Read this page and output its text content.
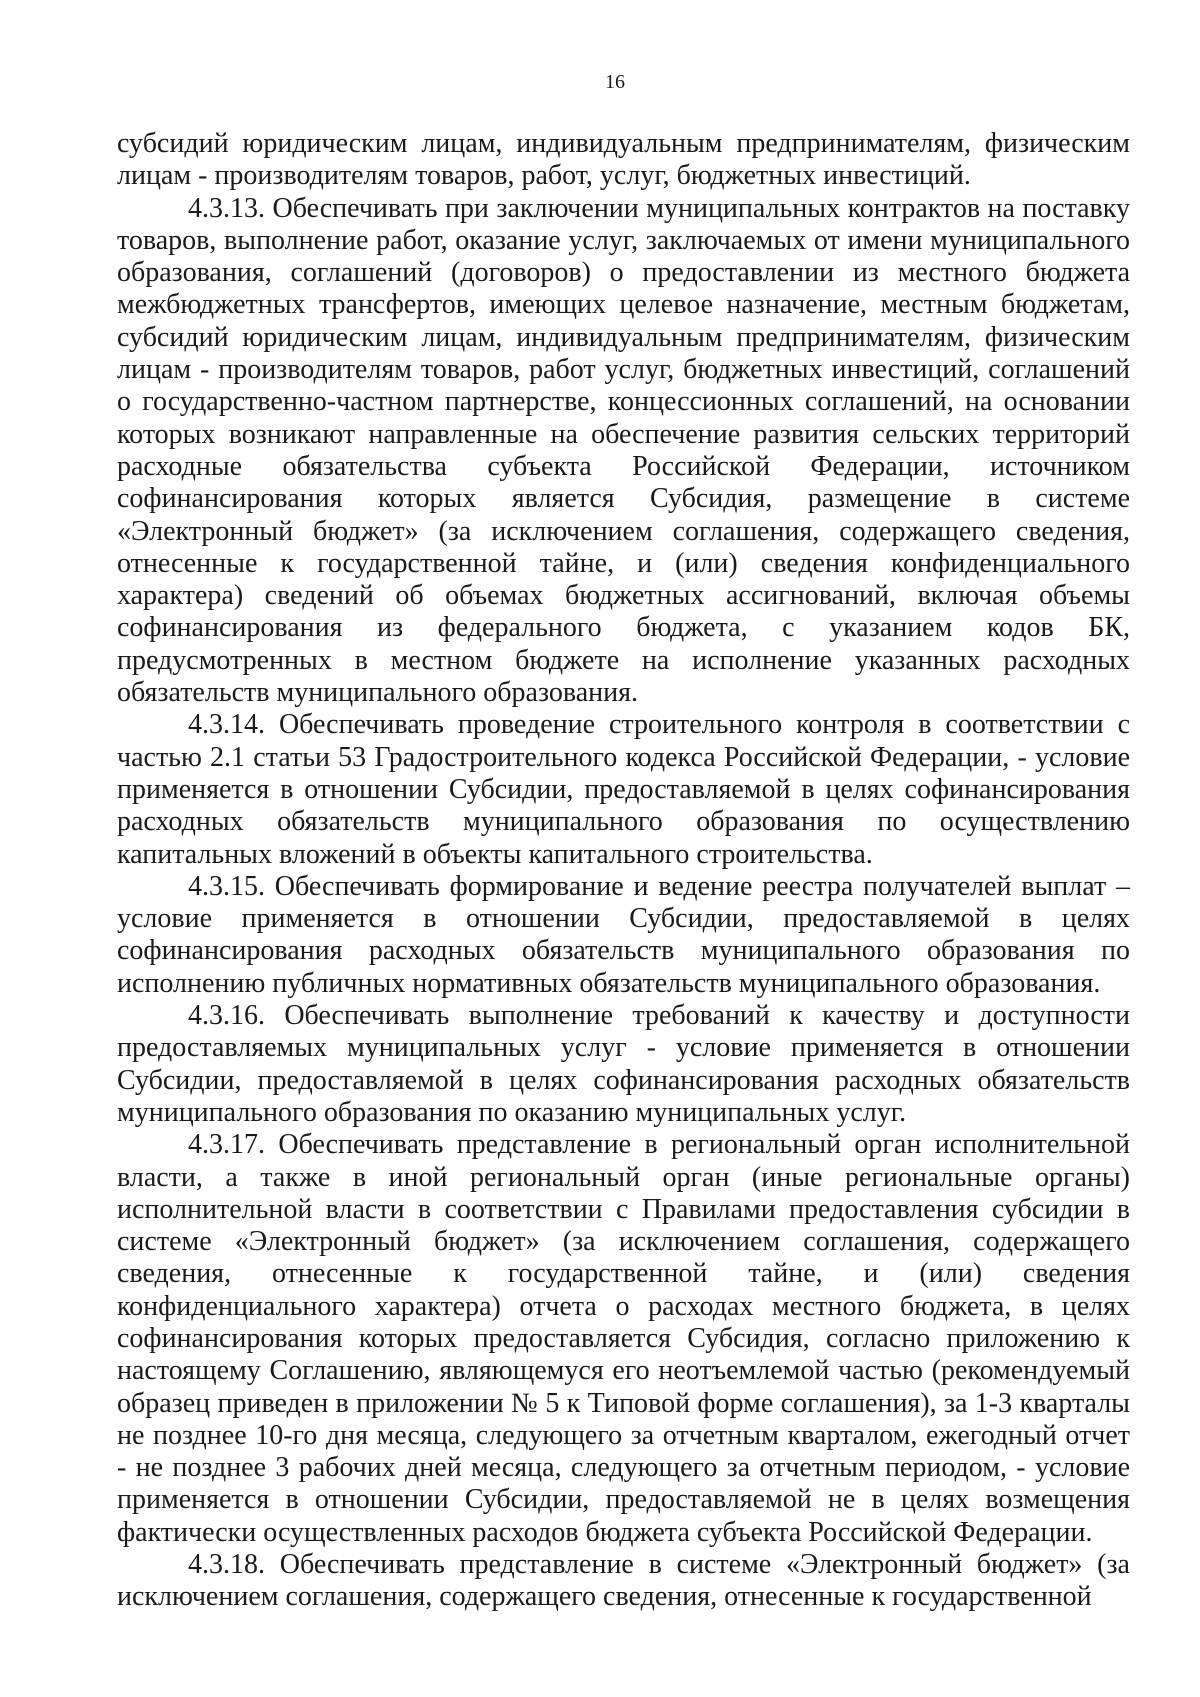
16

субсидий юридическим лицам, индивидуальным предпринимателям, физическим лицам - производителям товаров, работ, услуг, бюджетных инвестиций.

4.3.13. Обеспечивать при заключении муниципальных контрактов на поставку товаров, выполнение работ, оказание услуг, заключаемых от имени муниципального образования, соглашений (договоров) о предоставлении из местного бюджета межбюджетных трансфертов, имеющих целевое назначение, местным бюджетам, субсидий юридическим лицам, индивидуальным предпринимателям, физическим лицам - производителям товаров, работ услуг, бюджетных инвестиций, соглашений о государственно-частном партнерстве, концессионных соглашений, на основании которых возникают направленные на обеспечение развития сельских территорий расходные обязательства субъекта Российской Федерации, источником софинансирования которых является Субсидия, размещение в системе «Электронный бюджет» (за исключением соглашения, содержащего сведения, отнесенные к государственной тайне, и (или) сведения конфиденциального характера) сведений об объемах бюджетных ассигнований, включая объемы софинансирования из федерального бюджета, с указанием кодов БК, предусмотренных в местном бюджете на исполнение указанных расходных обязательств муниципального образования.

4.3.14. Обеспечивать проведение строительного контроля в соответствии с частью 2.1 статьи 53 Градостроительного кодекса Российской Федерации, - условие применяется в отношении Субсидии, предоставляемой в целях софинансирования расходных обязательств муниципального образования по осуществлению капитальных вложений в объекты капитального строительства.

4.3.15. Обеспечивать формирование и ведение реестра получателей выплат – условие применяется в отношении Субсидии, предоставляемой в целях софинансирования расходных обязательств муниципального образования по исполнению публичных нормативных обязательств муниципального образования.

4.3.16. Обеспечивать выполнение требований к качеству и доступности предоставляемых муниципальных услуг - условие применяется в отношении Субсидии, предоставляемой в целях софинансирования расходных обязательств муниципального образования по оказанию муниципальных услуг.

4.3.17. Обеспечивать представление в региональный орган исполнительной власти, а также в иной региональный орган (иные региональные органы) исполнительной власти в соответствии с Правилами предоставления субсидии в системе «Электронный бюджет» (за исключением соглашения, содержащего сведения, отнесенные к государственной тайне, и (или) сведения конфиденциального характера) отчета о расходах местного бюджета, в целях софинансирования которых предоставляется Субсидия, согласно приложению к настоящему Соглашению, являющемуся его неотъемлемой частью (рекомендуемый образец приведен в приложении № 5 к Типовой форме соглашения), за 1-3 кварталы не позднее 10-го дня месяца, следующего за отчетным кварталом, ежегодный отчет - не позднее 3 рабочих дней месяца, следующего за отчетным периодом, - условие применяется в отношении Субсидии, предоставляемой не в целях возмещения фактически осуществленных расходов бюджета субъекта Российской Федерации.

4.3.18. Обеспечивать представление в системе «Электронный бюджет» (за исключением соглашения, содержащего сведения, отнесенные к государственной
